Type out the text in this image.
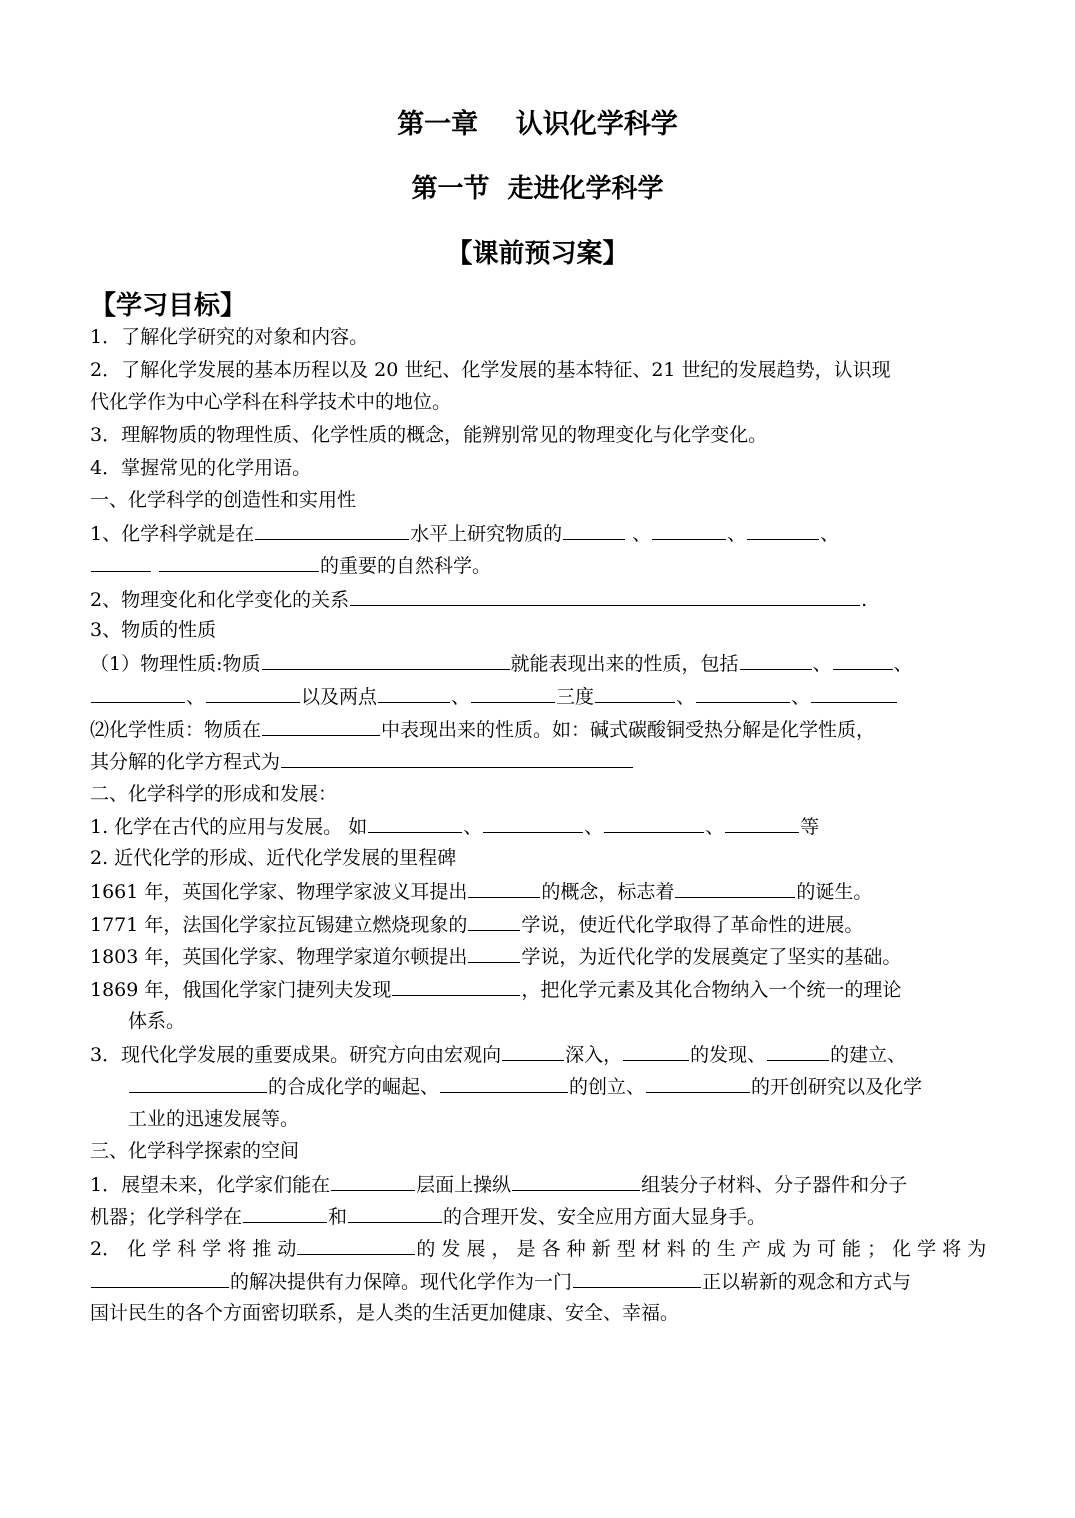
第一章    认识化学科学
第一节  走进化学科学
【课前预习案】
【学习目标】
1．了解化学研究的对象和内容。
2．了解化学发展的基本历程以及 20 世纪、化学发展的基本特征、21 世纪的发展趋势，认识现
代化学作为中心学科在科学技术中的地位。
3．理解物质的物理性质、化学性质的概念，能辨别常见的物理变化与化学变化。
4．掌握常见的化学用语。
一、化学科学的创造性和实用性
1、化学科学就是在	水平上研究物质的	、	、	、
的重要的自然科学。
2、物理变化和化学变化的关系	.
3、物质的性质
（1）物理性质:物质	就能表现出来的性质，包括	、	、
、	以及两点	、	三度	、	、
⑵化学性质：物质在	中表现出来的性质。如：碱式碳酸铜受热分解是化学性质，
其分解的化学方程式为
二、化学科学的形成和发展：
1. 化学在古代的应用与发展。 如	、	、	、	等
2. 近代化学的形成、近代化学发展的里程碑
1661 年，英国化学家、物理学家波义耳提出	的概念，标志着	的诞生。
1771 年，法国化学家拉瓦锡建立燃烧现象的	学说，使近代化学取得了革命性的进展。
1803 年，英国化学家、物理学家道尔顿提出	学说，为近代化学的发展奠定了坚实的基础。
1869 年，俄国化学家门捷列夫发现	，把化学元素及其化合物纳入一个统一的理论
体系。
3．现代化学发展的重要成果。研究方向由宏观向	深入，	的发现、	的建立、
的合成化学的崛起、	的创立、	的开创研究以及化学
工业的迅速发展等。
三、化学科学探索的空间
1．展望未来，化学家们能在	层面上操纵	组装分子材料、分子器件和分子
机器；化学科学在	和	的合理开发、安全应用方面大显身手。
2． 化 学 科 学 将 推 动	的 发 展 ， 是 各 种 新 型 材 料 的 生 产 成 为 可 能 ； 化 学 将 为
的解决提供有力保障。现代化学作为一门	正以崭新的观念和方式与
国计民生的各个方面密切联系，是人类的生活更加健康、安全、幸福。
